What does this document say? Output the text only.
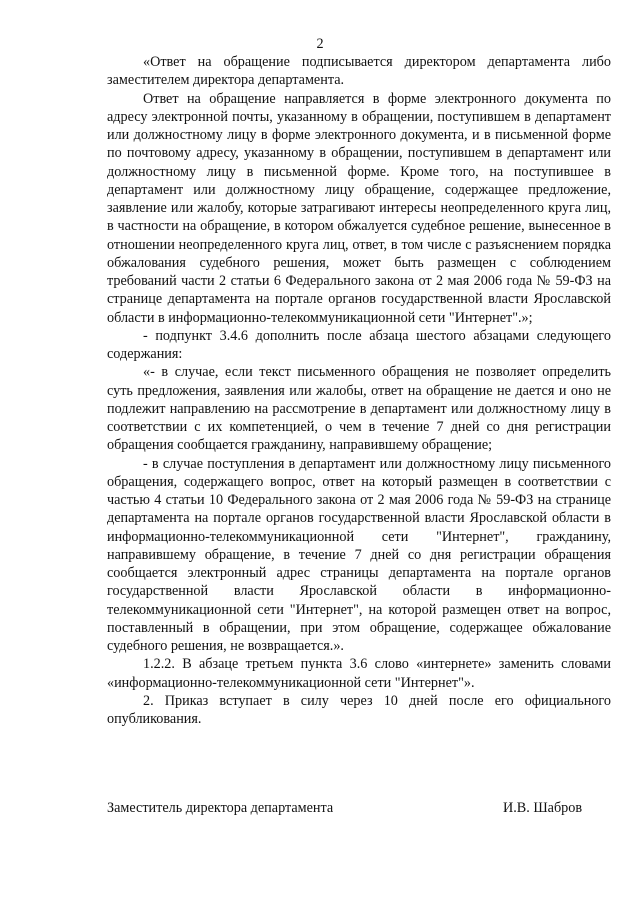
2

«Ответ на обращение подписывается директором департамента либо заместителем директора департамента.

Ответ на обращение направляется в форме электронного документа по адресу электронной почты, указанному в обращении, поступившем в департамент или должностному лицу в форме электронного документа, и в письменной форме по почтовому адресу, указанному в обращении, поступившем в департамент или должностному лицу в письменной форме. Кроме того, на поступившее в департамент или должностному лицу обращение, содержащее предложение, заявление или жалобу, которые затрагивают интересы неопределенного круга лиц, в частности на обращение, в котором обжалуется судебное решение, вынесенное в отношении неопределенного круга лиц, ответ, в том числе с разъяснением порядка обжалования судебного решения, может быть размещен с соблюдением требований части 2 статьи 6 Федерального закона от 2 мая 2006 года № 59-ФЗ на странице департамента на портале органов государственной власти Ярославской области в информационно-телекоммуникационной сети "Интернет".»;

- подпункт 3.4.6 дополнить после абзаца шестого абзацами следующего содержания:

«- в случае, если текст письменного обращения не позволяет определить суть предложения, заявления или жалобы, ответ на обращение не дается и оно не подлежит направлению на рассмотрение в департамент или должностному лицу в соответствии с их компетенцией, о чем в течение 7 дней со дня регистрации обращения сообщается гражданину, направившему обращение;

- в случае поступления в департамент или должностному лицу письменного обращения, содержащего вопрос, ответ на который размещен в соответствии с частью 4 статьи 10 Федерального закона от 2 мая 2006 года № 59-ФЗ на странице департамента на портале органов государственной власти Ярославской области в информационно-телекоммуникационной сети "Интернет", гражданину, направившему обращение, в течение 7 дней со дня регистрации обращения сообщается электронный адрес страницы департамента на портале органов государственной власти Ярославской области в информационно-телекоммуникационной сети "Интернет", на которой размещен ответ на вопрос, поставленный в обращении, при этом обращение, содержащее обжалование судебного решения, не возвращается.».

1.2.2. В абзаце третьем пункта 3.6 слово «интернете» заменить словами «информационно-телекоммуникационной сети "Интернет"».

2. Приказ вступает в силу через 10 дней после его официального опубликования.

Заместитель директора департамента	И.В. Шабров
